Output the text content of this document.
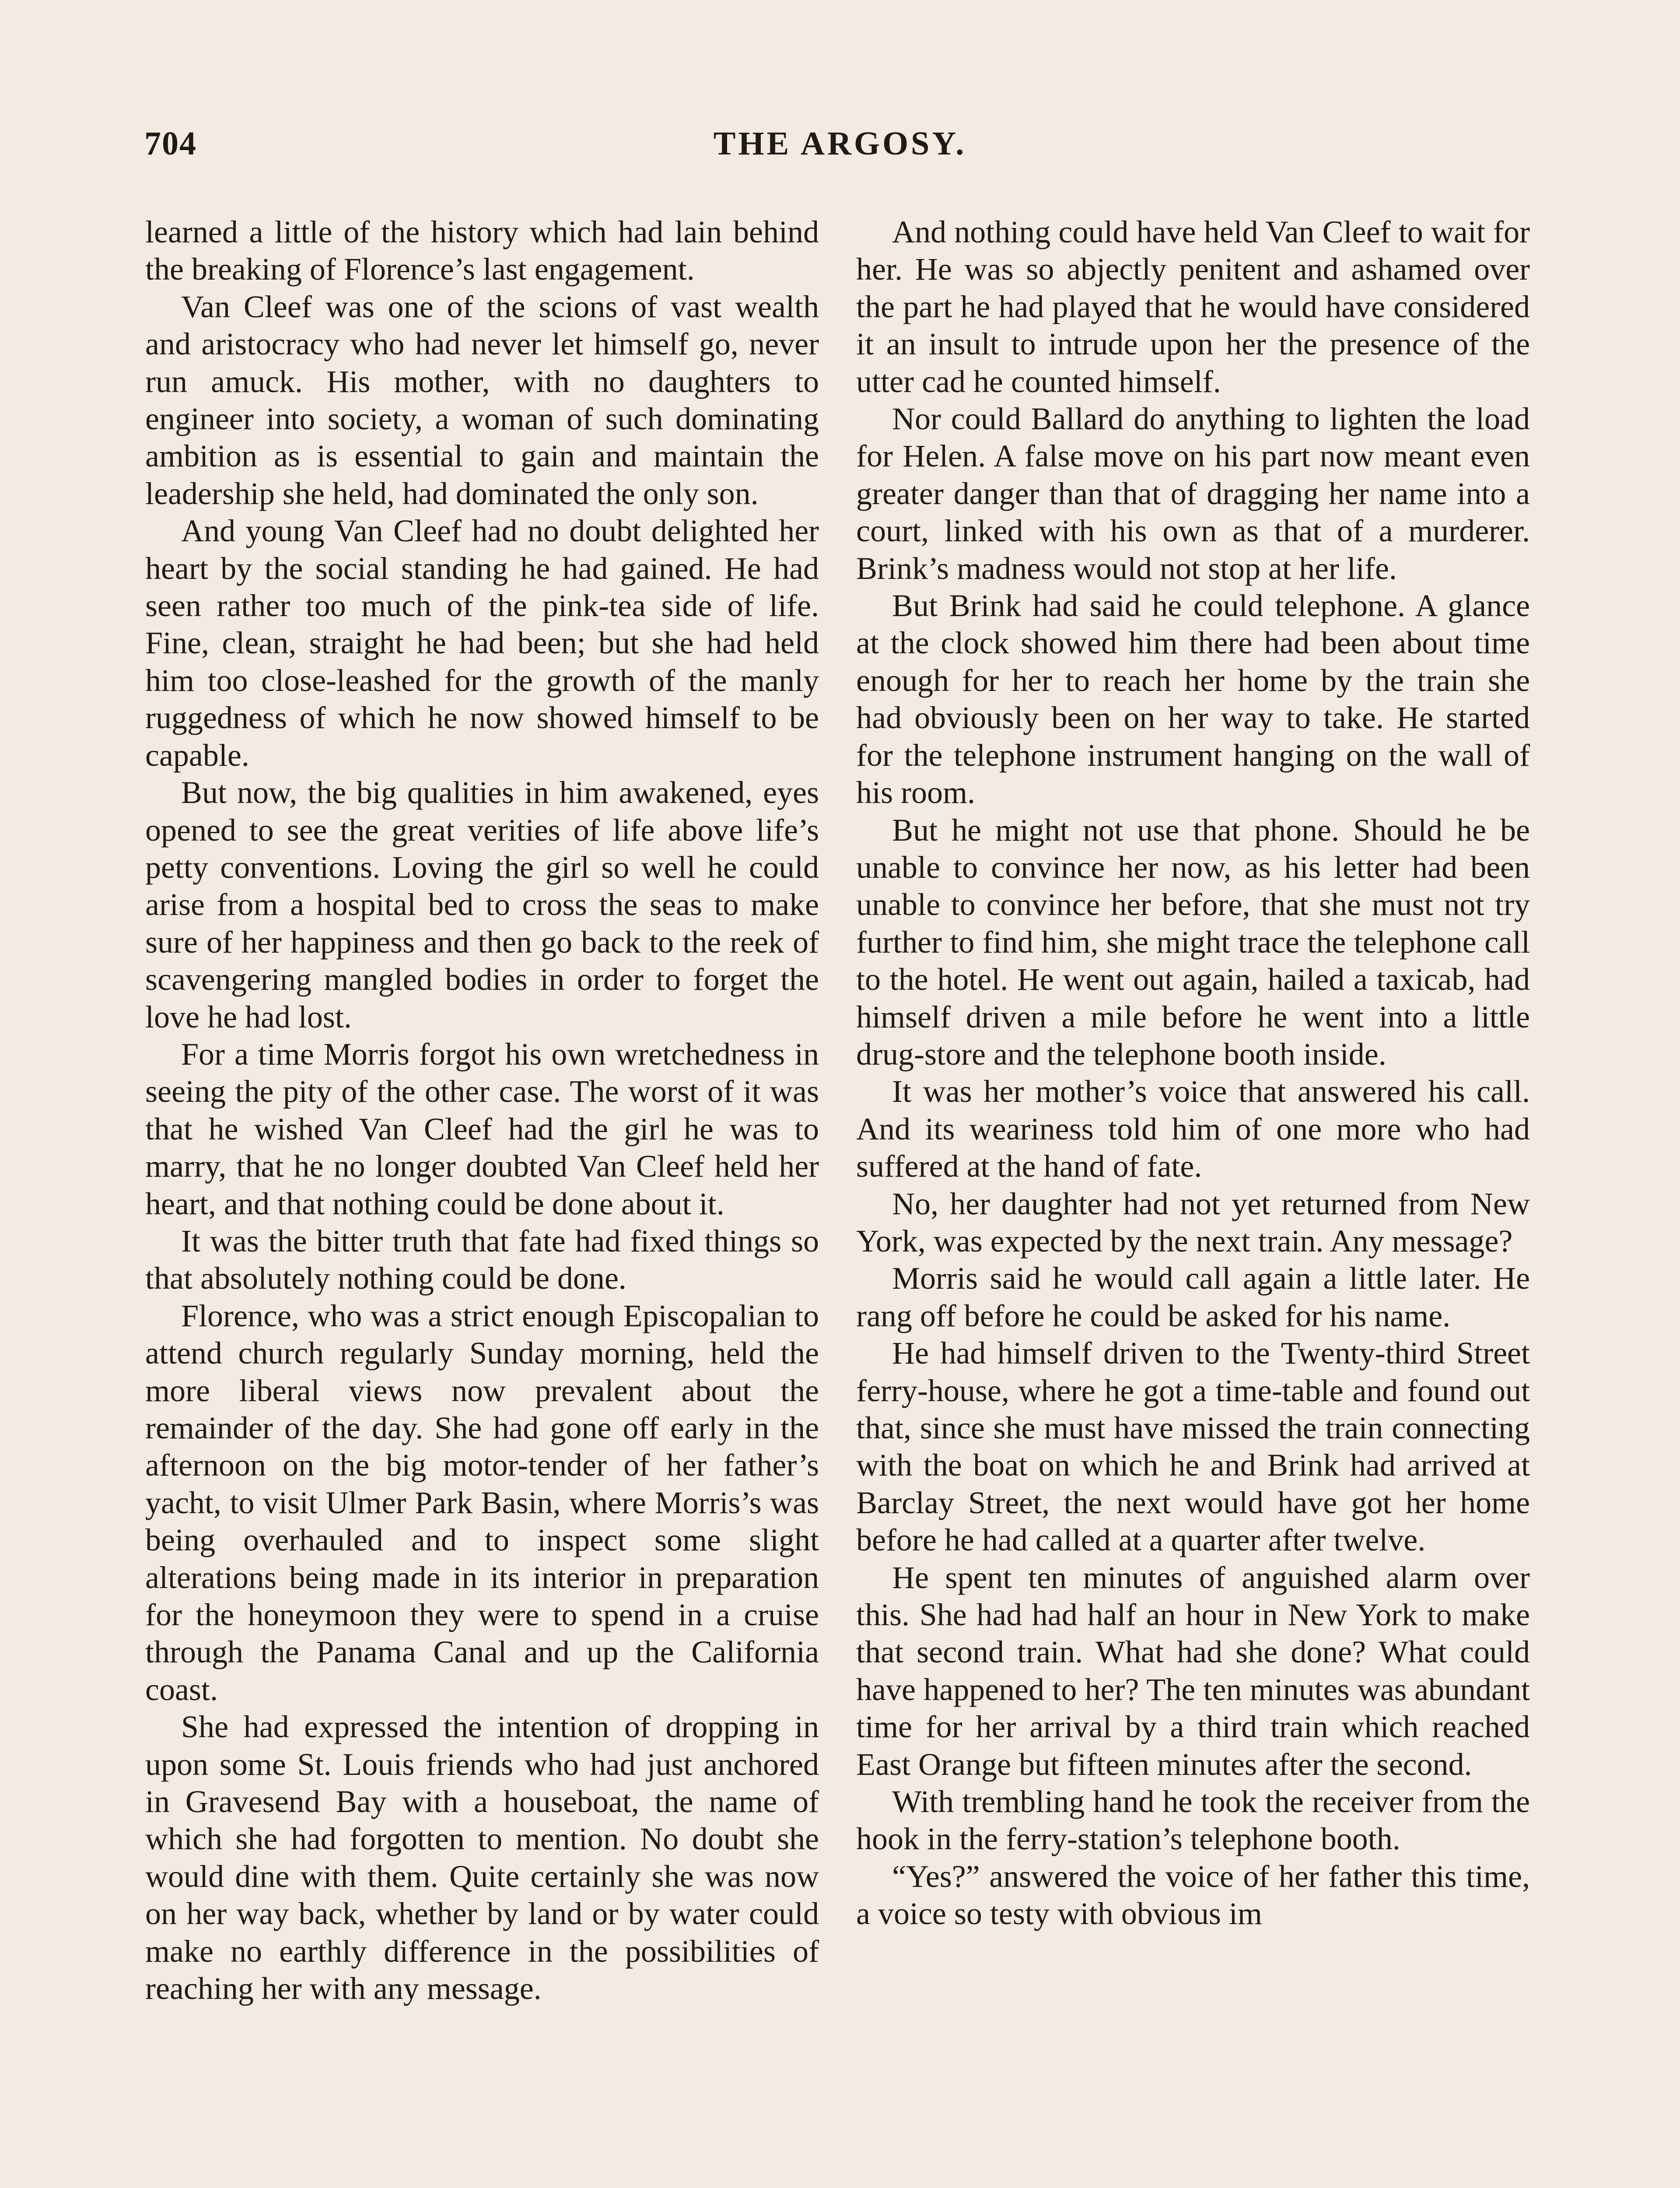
704	THE ARGOSY.

learned a little of the history which had lain behind the breaking of Florence’s last engagement.

Van Cleef was one of the scions of vast wealth and aristocracy who had never let himself go, never run amuck. His mother, with no daughters to engineer into society, a woman of such dominating ambition as is essential to gain and maintain the leadership she held, had dominated the only son.

And young Van Cleef had no doubt delighted her heart by the social standing he had gained. He had seen rather too much of the pink-tea side of life. Fine, clean, straight he had been; but she had held him too close-leashed for the growth of the manly ruggedness of which he now showed himself to be capable.

But now, the big qualities in him awakened, eyes opened to see the great verities of life above life’s petty conventions. Loving the girl so well he could arise from a hospital bed to cross the seas to make sure of her happiness and then go back to the reek of scavengering mangled bodies in order to forget the love he had lost.

For a time Morris forgot his own wretchedness in seeing the pity of the other case. The worst of it was that he wished Van Cleef had the girl he was to marry, that he no longer doubted Van Cleef held her heart, and that nothing could be done about it.

It was the bitter truth that fate had fixed things so that absolutely nothing could be done.

Florence, who was a strict enough Episcopalian to attend church regularly Sunday morning, held the more liberal views now prevalent about the remainder of the day. She had gone off early in the afternoon on the big motor-tender of her father’s yacht, to visit Ulmer Park Basin, where Morris’s was being overhauled and to inspect some slight alterations being made in its interior in preparation for the honeymoon they were to spend in a cruise through the Panama Canal and up the California coast.

She had expressed the intention of dropping in upon some St. Louis friends who had just anchored in Gravesend Bay with a houseboat, the name of which she had forgotten to mention. No doubt she would dine with them. Quite certainly she was now on her way back, whether by land or by water could make no earthly difference in the possibilities of reaching her with any message.

And nothing could have held Van Cleef to wait for her. He was so abjectly penitent and ashamed over the part he had played that he would have considered it an insult to intrude upon her the presence of the utter cad he counted himself.

Nor could Ballard do anything to lighten the load for Helen. A false move on his part now meant even greater danger than that of dragging her name into a court, linked with his own as that of a murderer. Brink’s madness would not stop at her life.

But Brink had said he could telephone. A glance at the clock showed him there had been about time enough for her to reach her home by the train she had obviously been on her way to take. He started for the telephone instrument hanging on the wall of his room.

But he might not use that phone. Should he be unable to convince her now, as his letter had been unable to convince her before, that she must not try further to find him, she might trace the telephone call to the hotel. He went out again, hailed a taxicab, had himself driven a mile before he went into a little drug-store and the telephone booth inside.

It was her mother’s voice that answered his call. And its weariness told him of one more who had suffered at the hand of fate.

No, her daughter had not yet returned from New York, was expected by the next train. Any message?

Morris said he would call again a little later. He rang off before he could be asked for his name.

He had himself driven to the Twenty-third Street ferry-house, where he got a time-table and found out that, since she must have missed the train connecting with the boat on which he and Brink had arrived at Barclay Street, the next would have got her home before he had called at a quarter after twelve.

He spent ten minutes of anguished alarm over this. She had had half an hour in New York to make that second train. What had she done? What could have happened to her? The ten minutes was abundant time for her arrival by a third train which reached East Orange but fifteen minutes after the second.

With trembling hand he took the receiver from the hook in the ferry-station’s telephone booth.

“Yes?” answered the voice of her father this time, a voice so testy with obvious im
